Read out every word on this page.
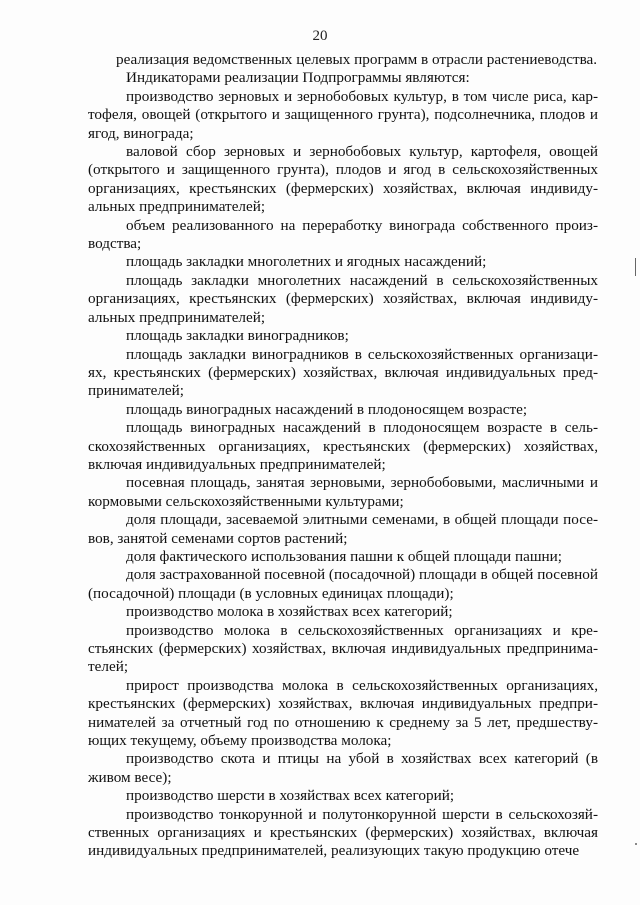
20

реализация ведомственных целевых программ в отрасли растениеводства.

Индикаторами реализации Подпрограммы являются:

производство зерновых и зернобобовых культур, в том числе риса, картофеля, овощей (открытого и защищенного грунта), подсолнечника, плодов и ягод, винограда;

валовой сбор зерновых и зернобобовых культур, картофеля, овощей (открытого и защищенного грунта), плодов и ягод в сельскохозяйственных организациях, крестьянских (фермерских) хозяйствах, включая индивидуальных предпринимателей;

объем реализованного на переработку винограда собственного производства;

площадь закладки многолетних и ягодных насаждений;

площадь закладки многолетних насаждений в сельскохозяйственных организациях, крестьянских (фермерских) хозяйствах, включая индивидуальных предпринимателей;

площадь закладки виноградников;

площадь закладки виноградников в сельскохозяйственных организациях, крестьянских (фермерских) хозяйствах, включая индивидуальных предпринимателей;

площадь виноградных насаждений в плодоносящем возрасте;

площадь виноградных насаждений в плодоносящем возрасте в сельскохозяйственных организациях, крестьянских (фермерских) хозяйствах, включая индивидуальных предпринимателей;

посевная площадь, занятая зерновыми, зернобобовыми, масличными и кормовыми сельскохозяйственными культурами;

доля площади, засеваемой элитными семенами, в общей площади посевов, занятой семенами сортов растений;

доля фактического использования пашни к общей площади пашни;

доля застрахованной посевной (посадочной) площади в общей посевной (посадочной) площади (в условных единицах площади);

производство молока в хозяйствах всех категорий;

производство молока в сельскохозяйственных организациях и крестьянских (фермерских) хозяйствах, включая индивидуальных предпринимателей;

прирост производства молока в сельскохозяйственных организациях, крестьянских (фермерских) хозяйствах, включая индивидуальных предпринимателей за отчетный год по отношению к среднему за 5 лет, предшествующих текущему, объему производства молока;

производство скота и птицы на убой в хозяйствах всех категорий (в живом весе);

производство шерсти в хозяйствах всех категорий;

производство тонкорунной и полутонкорунной шерсти в сельскохозяйственных организациях и крестьянских (фермерских) хозяйствах, включая индивидуальных предпринимателей, реализующих такую продукцию отече
